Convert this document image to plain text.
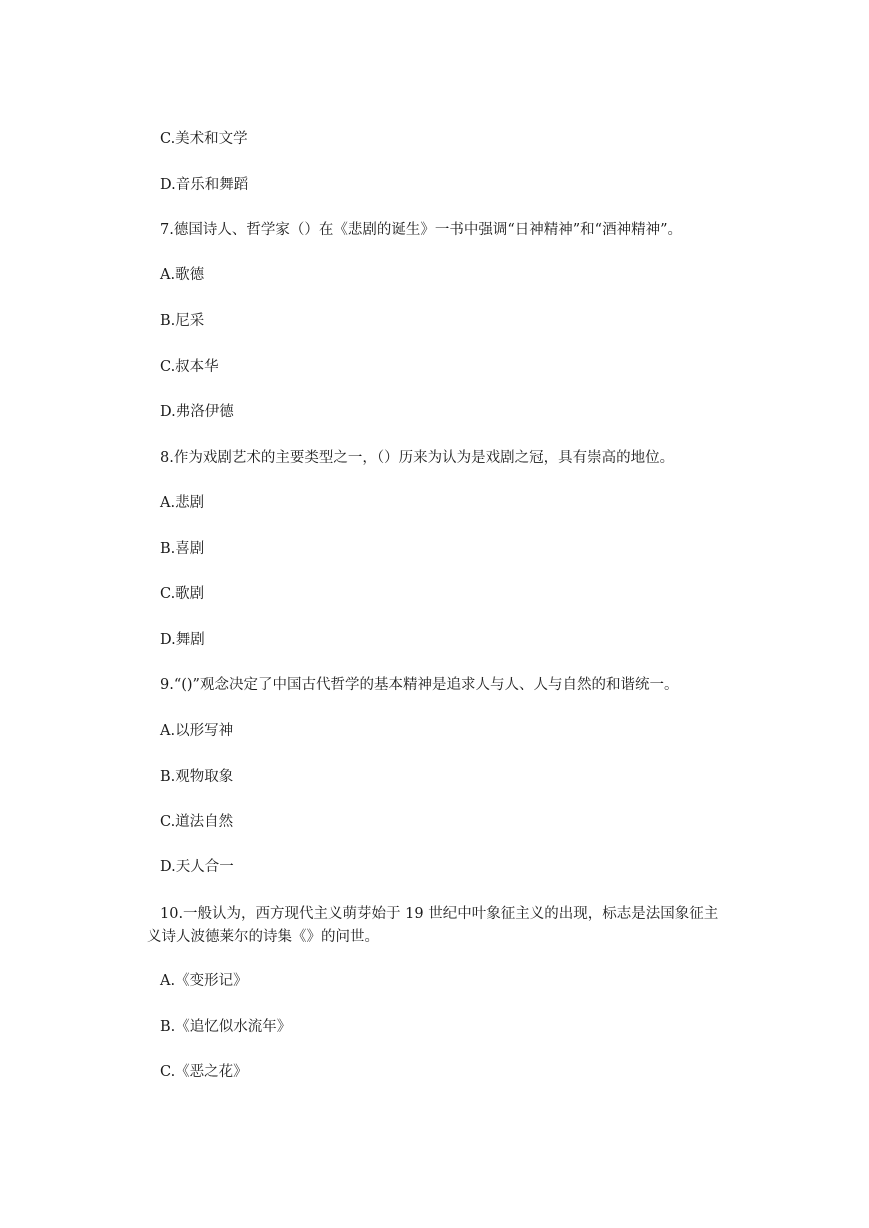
C.美术和文学
D.音乐和舞蹈
7.德国诗人、哲学家（）在《悲剧的诞生》一书中强调“日神精神”和“酒神精神”。
A.歌德
B.尼采
C.叔本华
D.弗洛伊德
8.作为戏剧艺术的主要类型之一，（）历来为认为是戏剧之冠，具有崇高的地位。
A.悲剧
B.喜剧
C.歌剧
D.舞剧
9.“()”观念决定了中国古代哲学的基本精神是追求人与人、人与自然的和谐统一。
A.以形写神
B.观物取象
C.道法自然
D.天人合一
10.一般认为，西方现代主义萌芽始于 19 世纪中叶象征主义的出现，标志是法国象征主
义诗人波德莱尔的诗集《》的问世。
A.《变形记》
B.《追忆似水流年》
C.《恶之花》
